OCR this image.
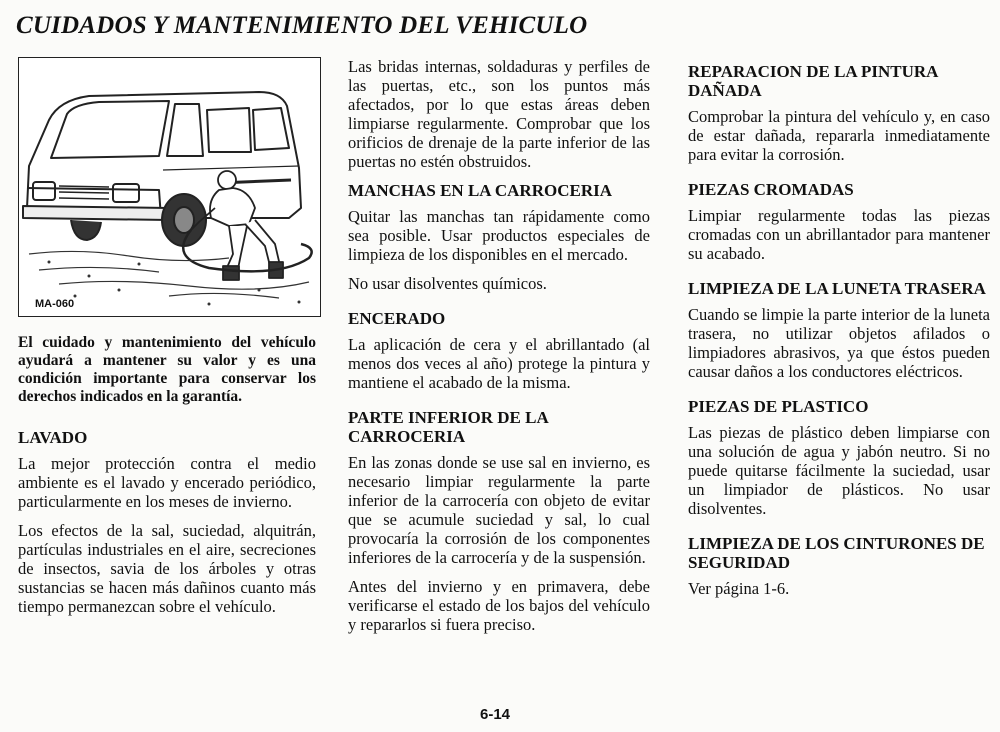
CUIDADOS Y MANTENIMIENTO DEL VEHICULO
MA-060

El cuidado y mantenimiento del vehículo ayudará a mantener su valor y es una condición importante para conservar los derechos indicados en la garantía.

LAVADO

La mejor protección contra el medio ambiente es el lavado y encerado periódico, particularmente en los meses de invierno.

Los efectos de la sal, suciedad, alquitrán, partículas industriales en el aire, secreciones de insectos, savia de los árboles y otras sustancias se hacen más dañinos cuanto más tiempo permanezcan sobre el vehículo.

Las bridas internas, soldaduras y perfiles de las puertas, etc., son los puntos más afectados, por lo que estas áreas deben limpiarse regularmente. Comprobar que los orificios de drenaje de la parte inferior de las puertas no estén obstruidos.

MANCHAS EN LA CARROCERIA

Quitar las manchas tan rápidamente como sea posible. Usar productos especiales de limpieza de los disponibles en el mercado.

No usar disolventes químicos.

ENCERADO

La aplicación de cera y el abrillantado (al menos dos veces al año) protege la pintura y mantiene el acabado de la misma.

PARTE INFERIOR DE LA CARROCERIA

En las zonas donde se use sal en invierno, es necesario limpiar regularmente la parte inferior de la carrocería con objeto de evitar que se acumule suciedad y sal, lo cual provocaría la corrosión de los componentes inferiores de la carrocería y de la suspensión.

Antes del invierno y en primavera, debe verificarse el estado de los bajos del vehículo y repararlos si fuera preciso.

REPARACION DE LA PINTURA DAÑADA

Comprobar la pintura del vehículo y, en caso de estar dañada, repararla inmediatamente para evitar la corrosión.

PIEZAS CROMADAS

Limpiar regularmente todas las piezas cromadas con un abrillantador para mantener su acabado.

LIMPIEZA DE LA LUNETA TRASERA

Cuando se limpie la parte interior de la luneta trasera, no utilizar objetos afilados o limpiadores abrasivos, ya que éstos pueden causar daños a los conductores eléctricos.

PIEZAS DE PLASTICO

Las piezas de plástico deben limpiarse con una solución de agua y jabón neutro. Si no puede quitarse fácilmente la suciedad, usar un limpiador de plásticos. No usar disolventes.

LIMPIEZA DE LOS CINTURONES DE SEGURIDAD

Ver página 1-6.

6-14
